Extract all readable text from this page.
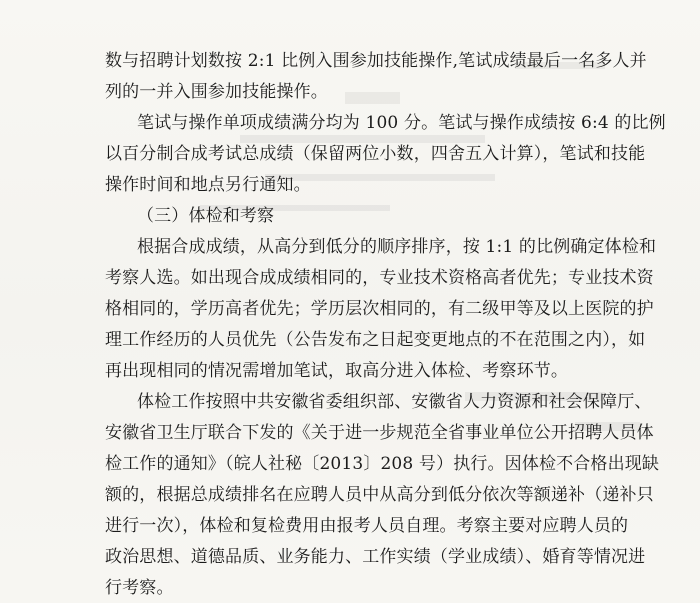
数与招聘计划数按 2:1 比例入围参加技能操作,笔试成绩最后一名多人并
列的一并入围参加技能操作。
笔试与操作单项成绩满分均为 100 分。笔试与操作成绩按 6:4 的比例
以百分制合成考试总成绩（保留两位小数，四舍五入计算），笔试和技能
操作时间和地点另行通知。
（三）体检和考察
根据合成成绩，从高分到低分的顺序排序，按 1:1 的比例确定体检和
考察人选。如出现合成成绩相同的，专业技术资格高者优先；专业技术资
格相同的，学历高者优先；学历层次相同的，有二级甲等及以上医院的护
理工作经历的人员优先（公告发布之日起变更地点的不在范围之内），如
再出现相同的情况需增加笔试，取高分进入体检、考察环节。
体检工作按照中共安徽省委组织部、安徽省人力资源和社会保障厅、
安徽省卫生厅联合下发的《关于进一步规范全省事业单位公开招聘人员体
检工作的通知》（皖人社秘〔2013〕208 号）执行。因体检不合格出现缺
额的，根据总成绩排名在应聘人员中从高分到低分依次等额递补（递补只
进行一次），体检和复检费用由报考人员自理。考察主要对应聘人员的
政治思想、道德品质、业务能力、工作实绩（学业成绩）、婚育等情况进
行考察。
